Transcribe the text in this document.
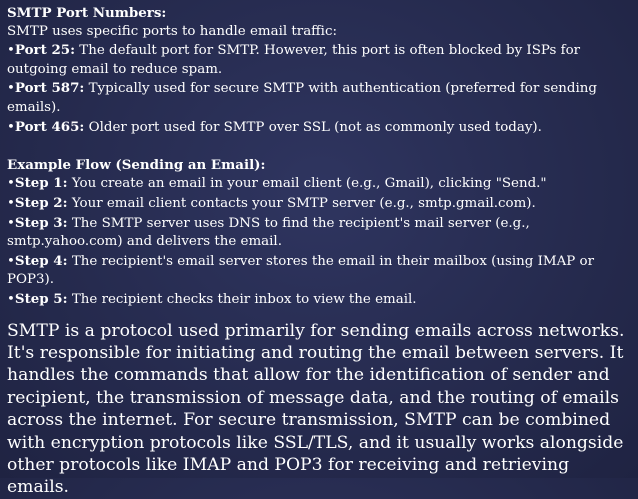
SMTP Port Numbers:

SMTP uses specific ports to handle email traffic:

•Port 25: The default port for SMTP. However, this port is often blocked by ISPs for outgoing email to reduce spam.

•Port 587: Typically used for secure SMTP with authentication (preferred for sending emails).

•Port 465: Older port used for SMTP over SSL (not as commonly used today).

Example Flow (Sending an Email):

•Step 1: You create an email in your email client (e.g., Gmail), clicking "Send."

•Step 2: Your email client contacts your SMTP server (e.g., smtp.gmail.com).

•Step 3: The SMTP server uses DNS to find the recipient's mail server (e.g., smtp.yahoo.com) and delivers the email.

•Step 4: The recipient's email server stores the email in their mailbox (using IMAP or POP3).

•Step 5: The recipient checks their inbox to view the email.

SMTP is a protocol used primarily for sending emails across networks. It's responsible for initiating and routing the email between servers. It handles the commands that allow for the identification of sender and recipient, the transmission of message data, and the routing of emails across the internet. For secure transmission, SMTP can be combined with encryption protocols like SSL/TLS, and it usually works alongside other protocols like IMAP and POP3 for receiving and retrieving emails.
